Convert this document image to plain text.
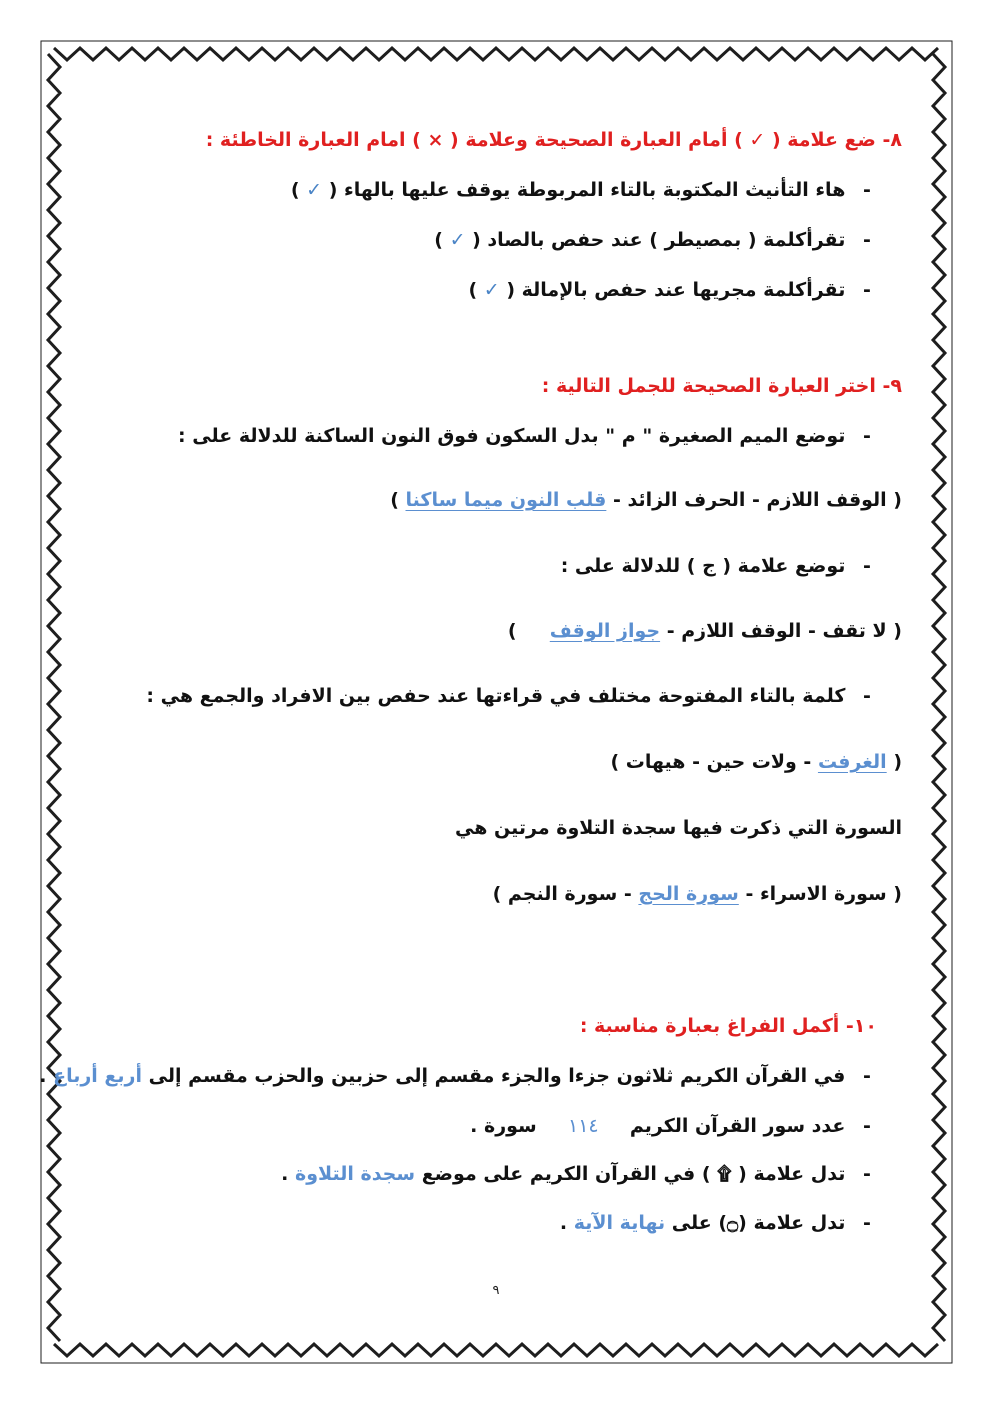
٨- ضع علامة ( ✓ ) أمام العبارة الصحيحة وعلامة ( × ) امام العبارة الخاطئة :
- هاء التأنيث المكتوبة بالتاء المربوطة يوقف عليها بالهاء ( ✓ )
- تقرأكلمة ( بمصيطر ) عند حفص بالصاد ( ✓ )
- تقرأكلمة مجريها عند حفص بالإمالة ( ✓ )
٩- اختر العبارة الصحيحة للجمل التالية :
- توضع الميم الصغيرة " م " بدل السكون فوق النون الساكنة للدلالة على :
( الوقف اللازم - الحرف الزائد - قلب النون ميما ساكنا )
- توضع علامة ( ج ) للدلالة على :
( لا تقف - الوقف اللازم - جواز الوقف  )
- كلمة بالتاء المفتوحة مختلف في قراءتها عند حفص بين الافراد والجمع هي :
( الغرفت - ولات حين - هيهات )
السورة التي ذكرت فيها سجدة التلاوة مرتين هي
( سورة الاسراء - سورة الحج - سورة النجم )
١٠- أكمل الفراغ بعبارة مناسبة :
- في القرآن الكريم ثلاثون جزءا والجزء مقسم إلى حزبين والحزب مقسم إلى أربع أرباع .
- عدد سور القرآن الكريم  ١١٤  سورة .
- تدل علامة ( ۩ ) في القرآن الكريم على موضع سجدة التلاوة .
- تدل علامة (۝) على نهاية الآية .
٩
